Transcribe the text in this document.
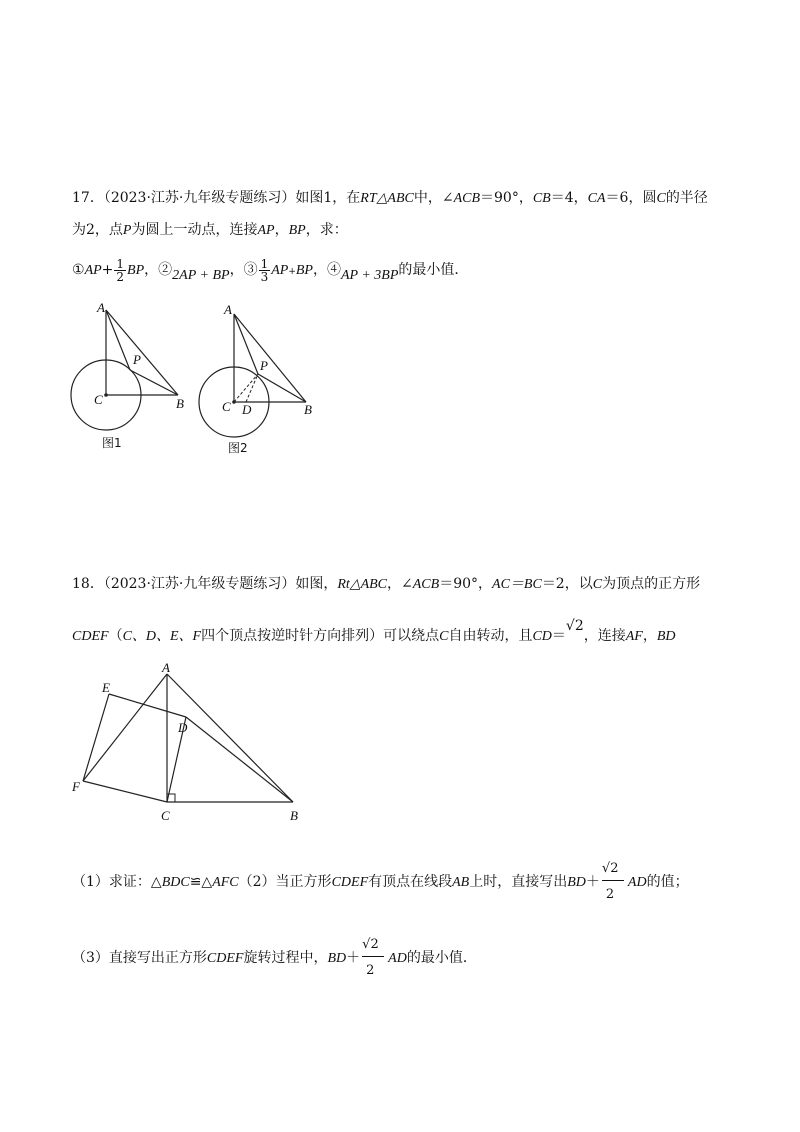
17．（2023·江苏·九年级专题练习）如图1，在RT△ABC中，∠ACB＝90°，CB＝4，CA＝6，圆C的半径
为2，点P为圆上一动点，连接AP，BP，求：
①AP+ $\frac{1}{2}$ BP，②2AP + BP，③ $\frac{1}{3} AP+BP$，④AP + 3BP的最小值．
A
P
C	B
图1
A
P
C D	B
图2
18．（2023·江苏·九年级专题练习）如图，Rt△ABC，∠ACB＝90°，AC＝BC＝2，以C为顶点的正方形
CDEF（C、D、E、F四个顶点按逆时针方向排列）可以绕点C自由转动，且CD＝√2，连接AF，BD
A
E
D
F
C	B
（1）求证：△BDC≌△AFC（2）当正方形CDEF有顶点在线段AB上时，直接写出$BD+ \frac{√2}{2}$ AD的值；
（3）直接写出正方形CDEF旋转过程中，$BD+ \frac{√2}{2}$ AD的最小值．
